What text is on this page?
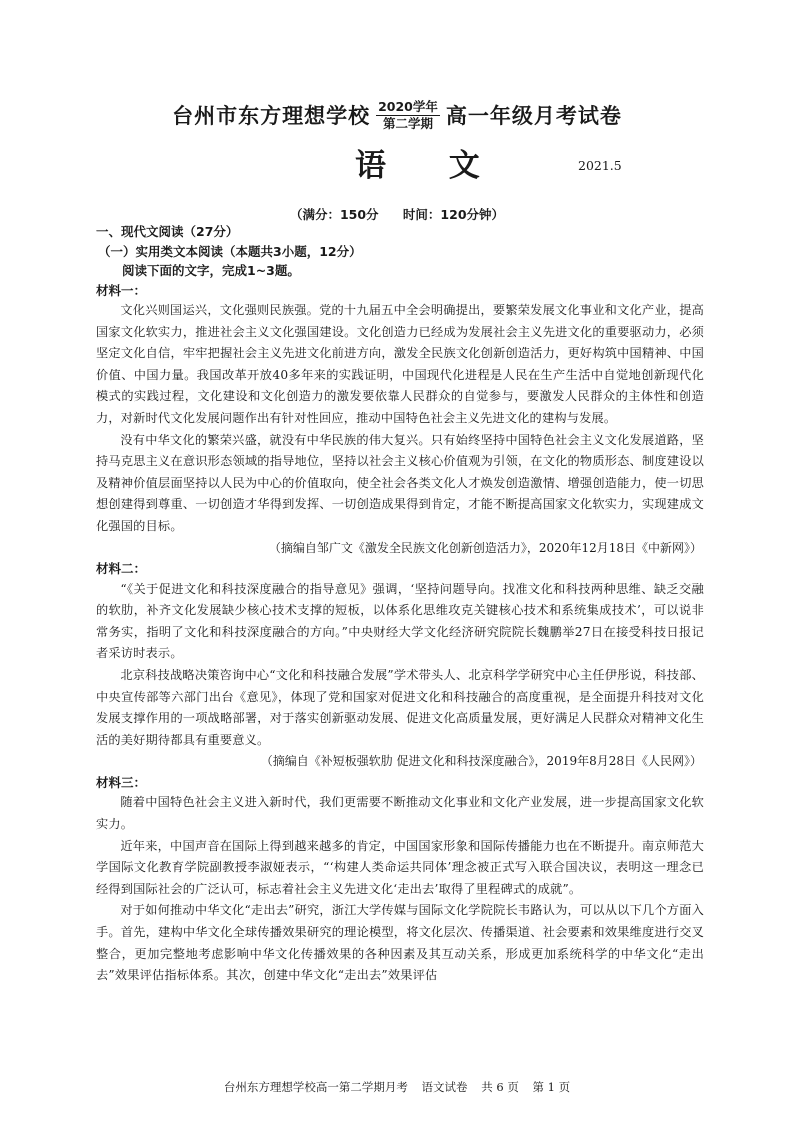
台州市东方理想学校 2020学年
第二学期 高一年级月考试卷
语 文	2021.5
（满分：150分 时间：120分钟）
一、现代文阅读（27分）
（一）实用类文本阅读（本题共3小题，12分）
阅读下面的文字，完成1~3题。
材料一：

文化兴则国运兴，文化强则民族强。党的十九届五中全会明确提出，要繁荣发展文化事业和文化产业，提高国家文化软实力，推进社会主义文化强国建设。文化创造力已经成为发展社会主义先进文化的重要驱动力，必须坚定文化自信，牢牢把握社会主义先进文化前进方向，激发全民族文化创新创造活力，更好构筑中国精神、中国价值、中国力量。我国改革开放40多年来的实践证明，中国现代化进程是人民在生产生活中自觉地创新现代化模式的实践过程，文化建设和文化创造力的激发要依靠人民群众的自觉参与，要激发人民群众的主体性和创造力，对新时代文化发展问题作出有针对性回应，推动中国特色社会主义先进文化的建构与发展。

没有中华文化的繁荣兴盛，就没有中华民族的伟大复兴。只有始终坚持中国特色社会主义文化发展道路，坚持马克思主义在意识形态领域的指导地位，坚持以社会主义核心价值观为引领，在文化的物质形态、制度建设以及精神价值层面坚持以人民为中心的价值取向，使全社会各类文化人才焕发创造激情、增强创造能力，使一切思想创建得到尊重、一切创造才华得到发挥、一切创造成果得到肯定，才能不断提高国家文化软实力，实现建成文化强国的目标。

（摘编自邹广文《激发全民族文化创新创造活力》，2020年12月18日《中新网》）
材料二：

“《关于促进文化和科技深度融合的指导意见》强调，‘坚持问题导向。找准文化和科技两种思维、缺乏交融的软肋，补齐文化发展缺少核心技术支撑的短板，以体系化思维攻克关键核心技术和系统集成技术’，可以说非常务实，指明了文化和科技深度融合的方向。”中央财经大学文化经济研究院院长魏鹏举27日在接受科技日报记者采访时表示。

北京科技战略决策咨询中心“文化和科技融合发展”学术带头人、北京科学学研究中心主任伊彤说，科技部、中央宣传部等六部门出台《意见》，体现了党和国家对促进文化和科技融合的高度重视，是全面提升科技对文化发展支撑作用的一项战略部署，对于落实创新驱动发展、促进文化高质量发展，更好满足人民群众对精神文化生活的美好期待都具有重要意义。

（摘编自《补短板强软肋 促进文化和科技深度融合》，2019年8月28日《人民网》）
材料三：

随着中国特色社会主义进入新时代，我们更需要不断推动文化事业和文化产业发展，进一步提高国家文化软实力。

近年来，中国声音在国际上得到越来越多的肯定，中国国家形象和国际传播能力也在不断提升。南京师范大学国际文化教育学院副教授李淑娅表示，“‘构建人类命运共同体’理念被正式写入联合国决议，表明这一理念已经得到国际社会的广泛认可，标志着社会主义先进文化‘走出去’取得了里程碑式的成就”。

对于如何推动中华文化“走出去”研究，浙江大学传媒与国际文化学院院长韦路认为，可以从以下几个方面入手。首先，建构中华文化全球传播效果研究的理论模型，将文化层次、传播渠道、社会要素和效果维度进行交叉整合，更加完整地考虑影响中华文化传播效果的各种因素及其互动关系，形成更加系统科学的中华文化“走出去”效果评估指标体系。其次，创建中华文化“走出去”效果评估

台州东方理想学校高一第二学期月考 语文试卷 共 6 页 第 1 页
